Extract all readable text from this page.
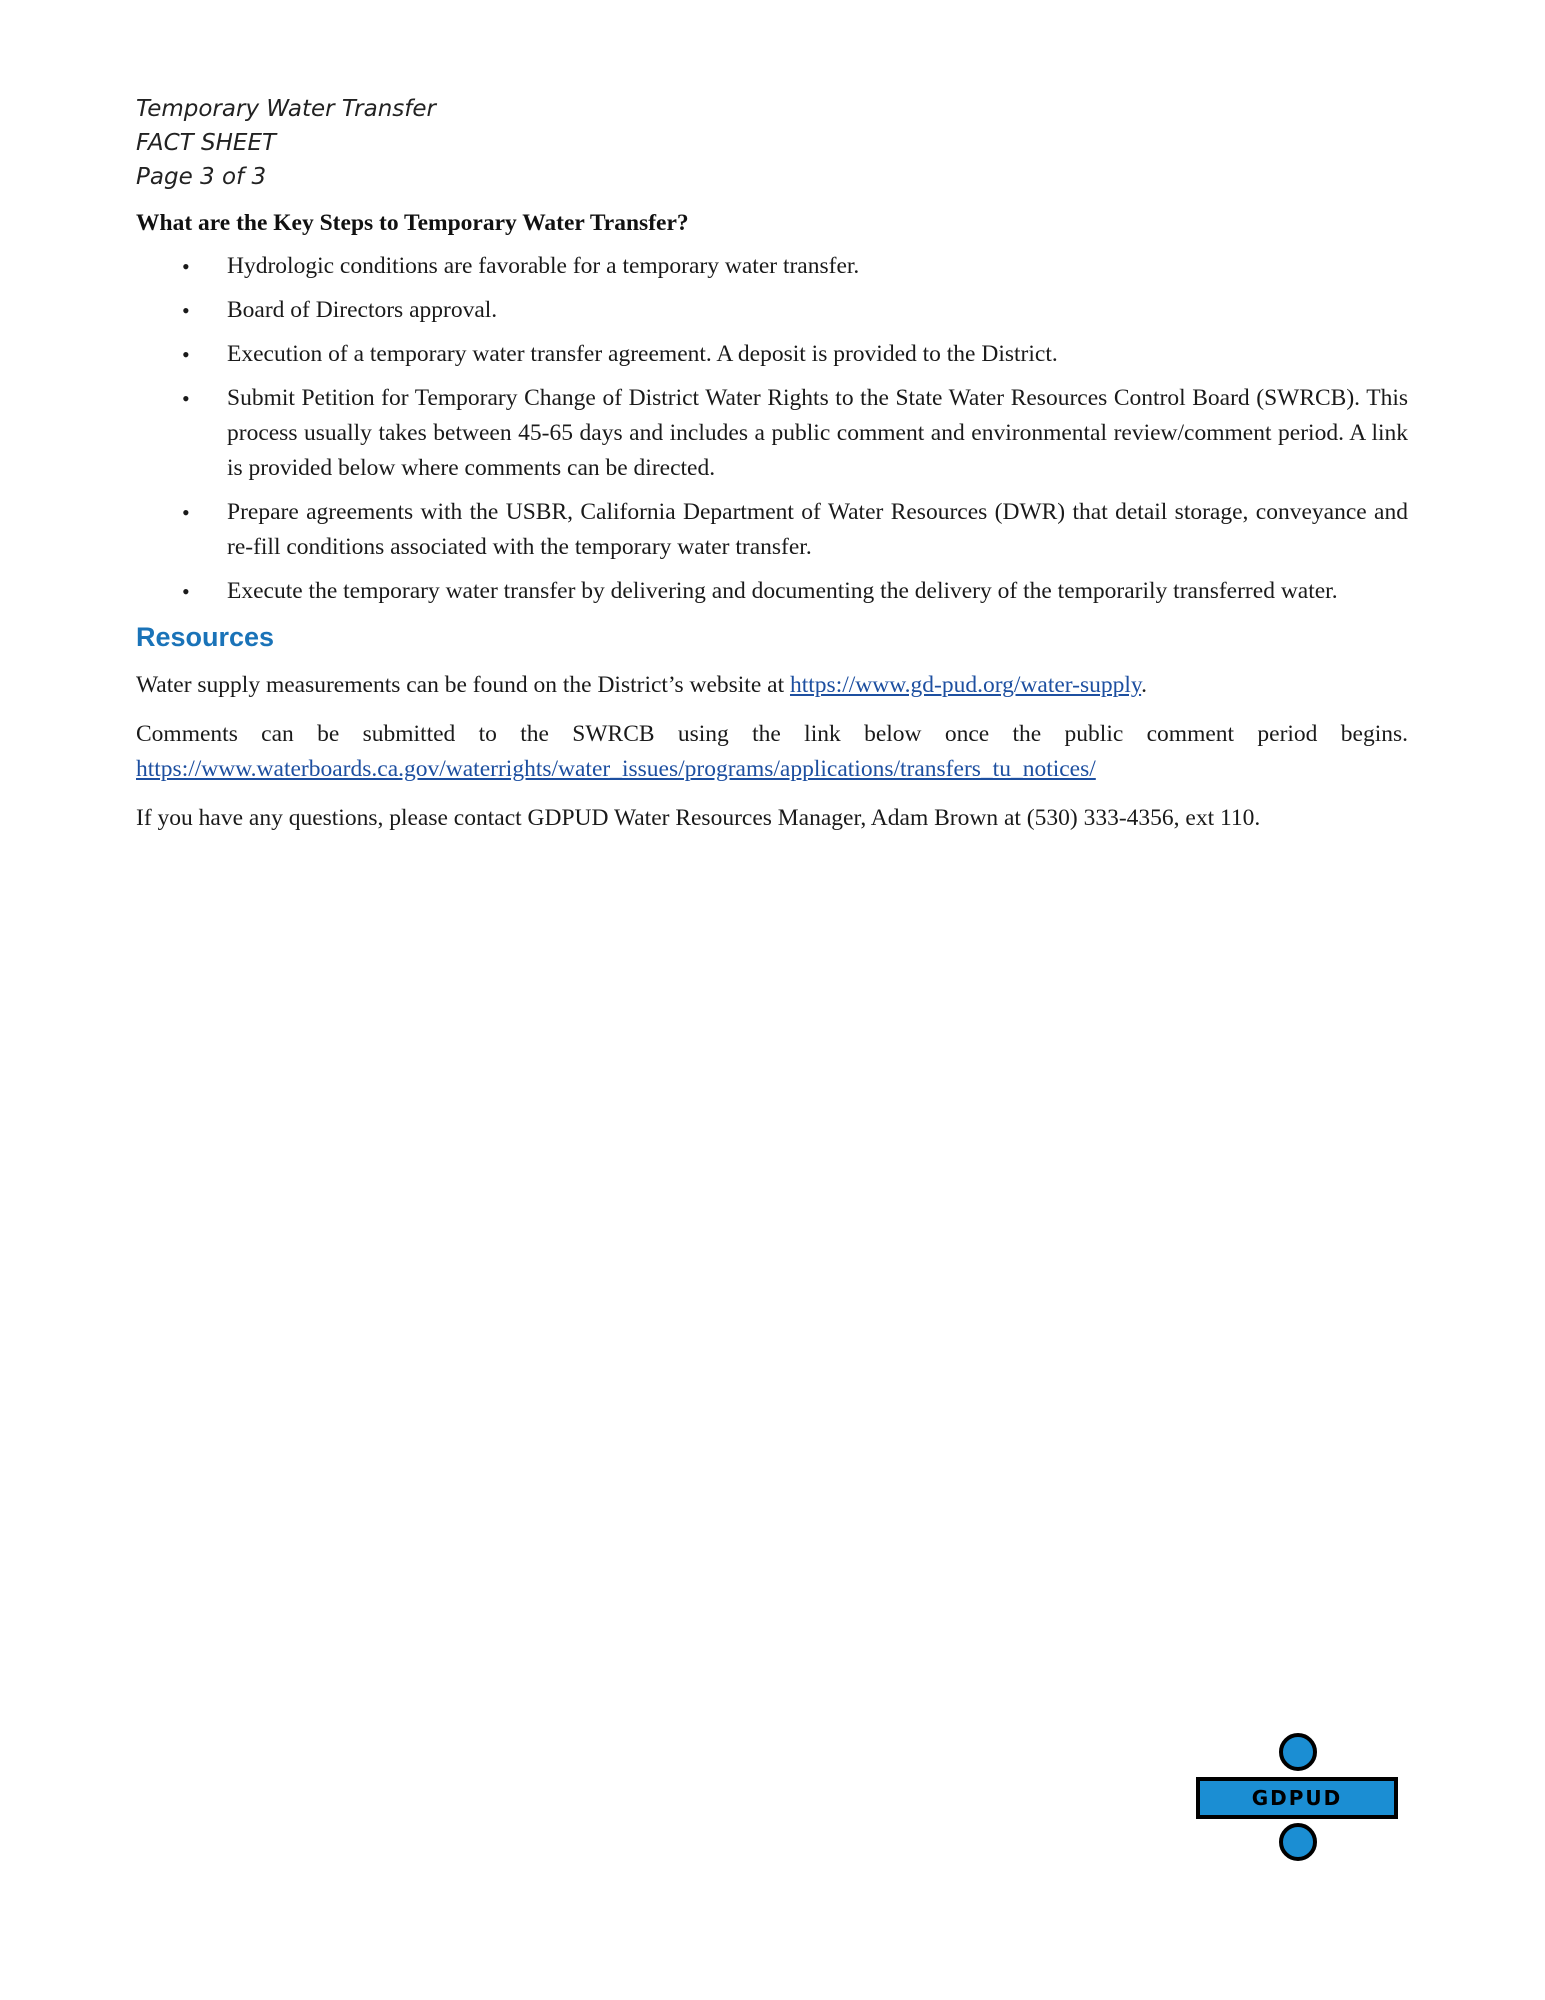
Temporary Water Transfer
FACT SHEET
Page 3 of 3
What are the Key Steps to Temporary Water Transfer?
• Hydrologic conditions are favorable for a temporary water transfer.
• Board of Directors approval.
• Execution of a temporary water transfer agreement. A deposit is provided to the District.
• Submit Petition for Temporary Change of District Water Rights to the State Water Resources Control Board (SWRCB). This process usually takes between 45-65 days and includes a public comment and environmental review/comment period. A link is provided below where comments can be directed.
• Prepare agreements with the USBR, California Department of Water Resources (DWR) that detail storage, conveyance and re-fill conditions associated with the temporary water transfer.
• Execute the temporary water transfer by delivering and documenting the delivery of the temporarily transferred water.
Resources

Water supply measurements can be found on the District’s website at https://www.gd-pud.org/water-supply.

Comments can be submitted to the SWRCB using the link below once the public comment period begins. https://www.waterboards.ca.gov/waterrights/water_issues/programs/applications/transfers_tu_notices/

If you have any questions, please contact GDPUD Water Resources Manager, Adam Brown at (530) 333-4356, ext 110.

GDPUD
